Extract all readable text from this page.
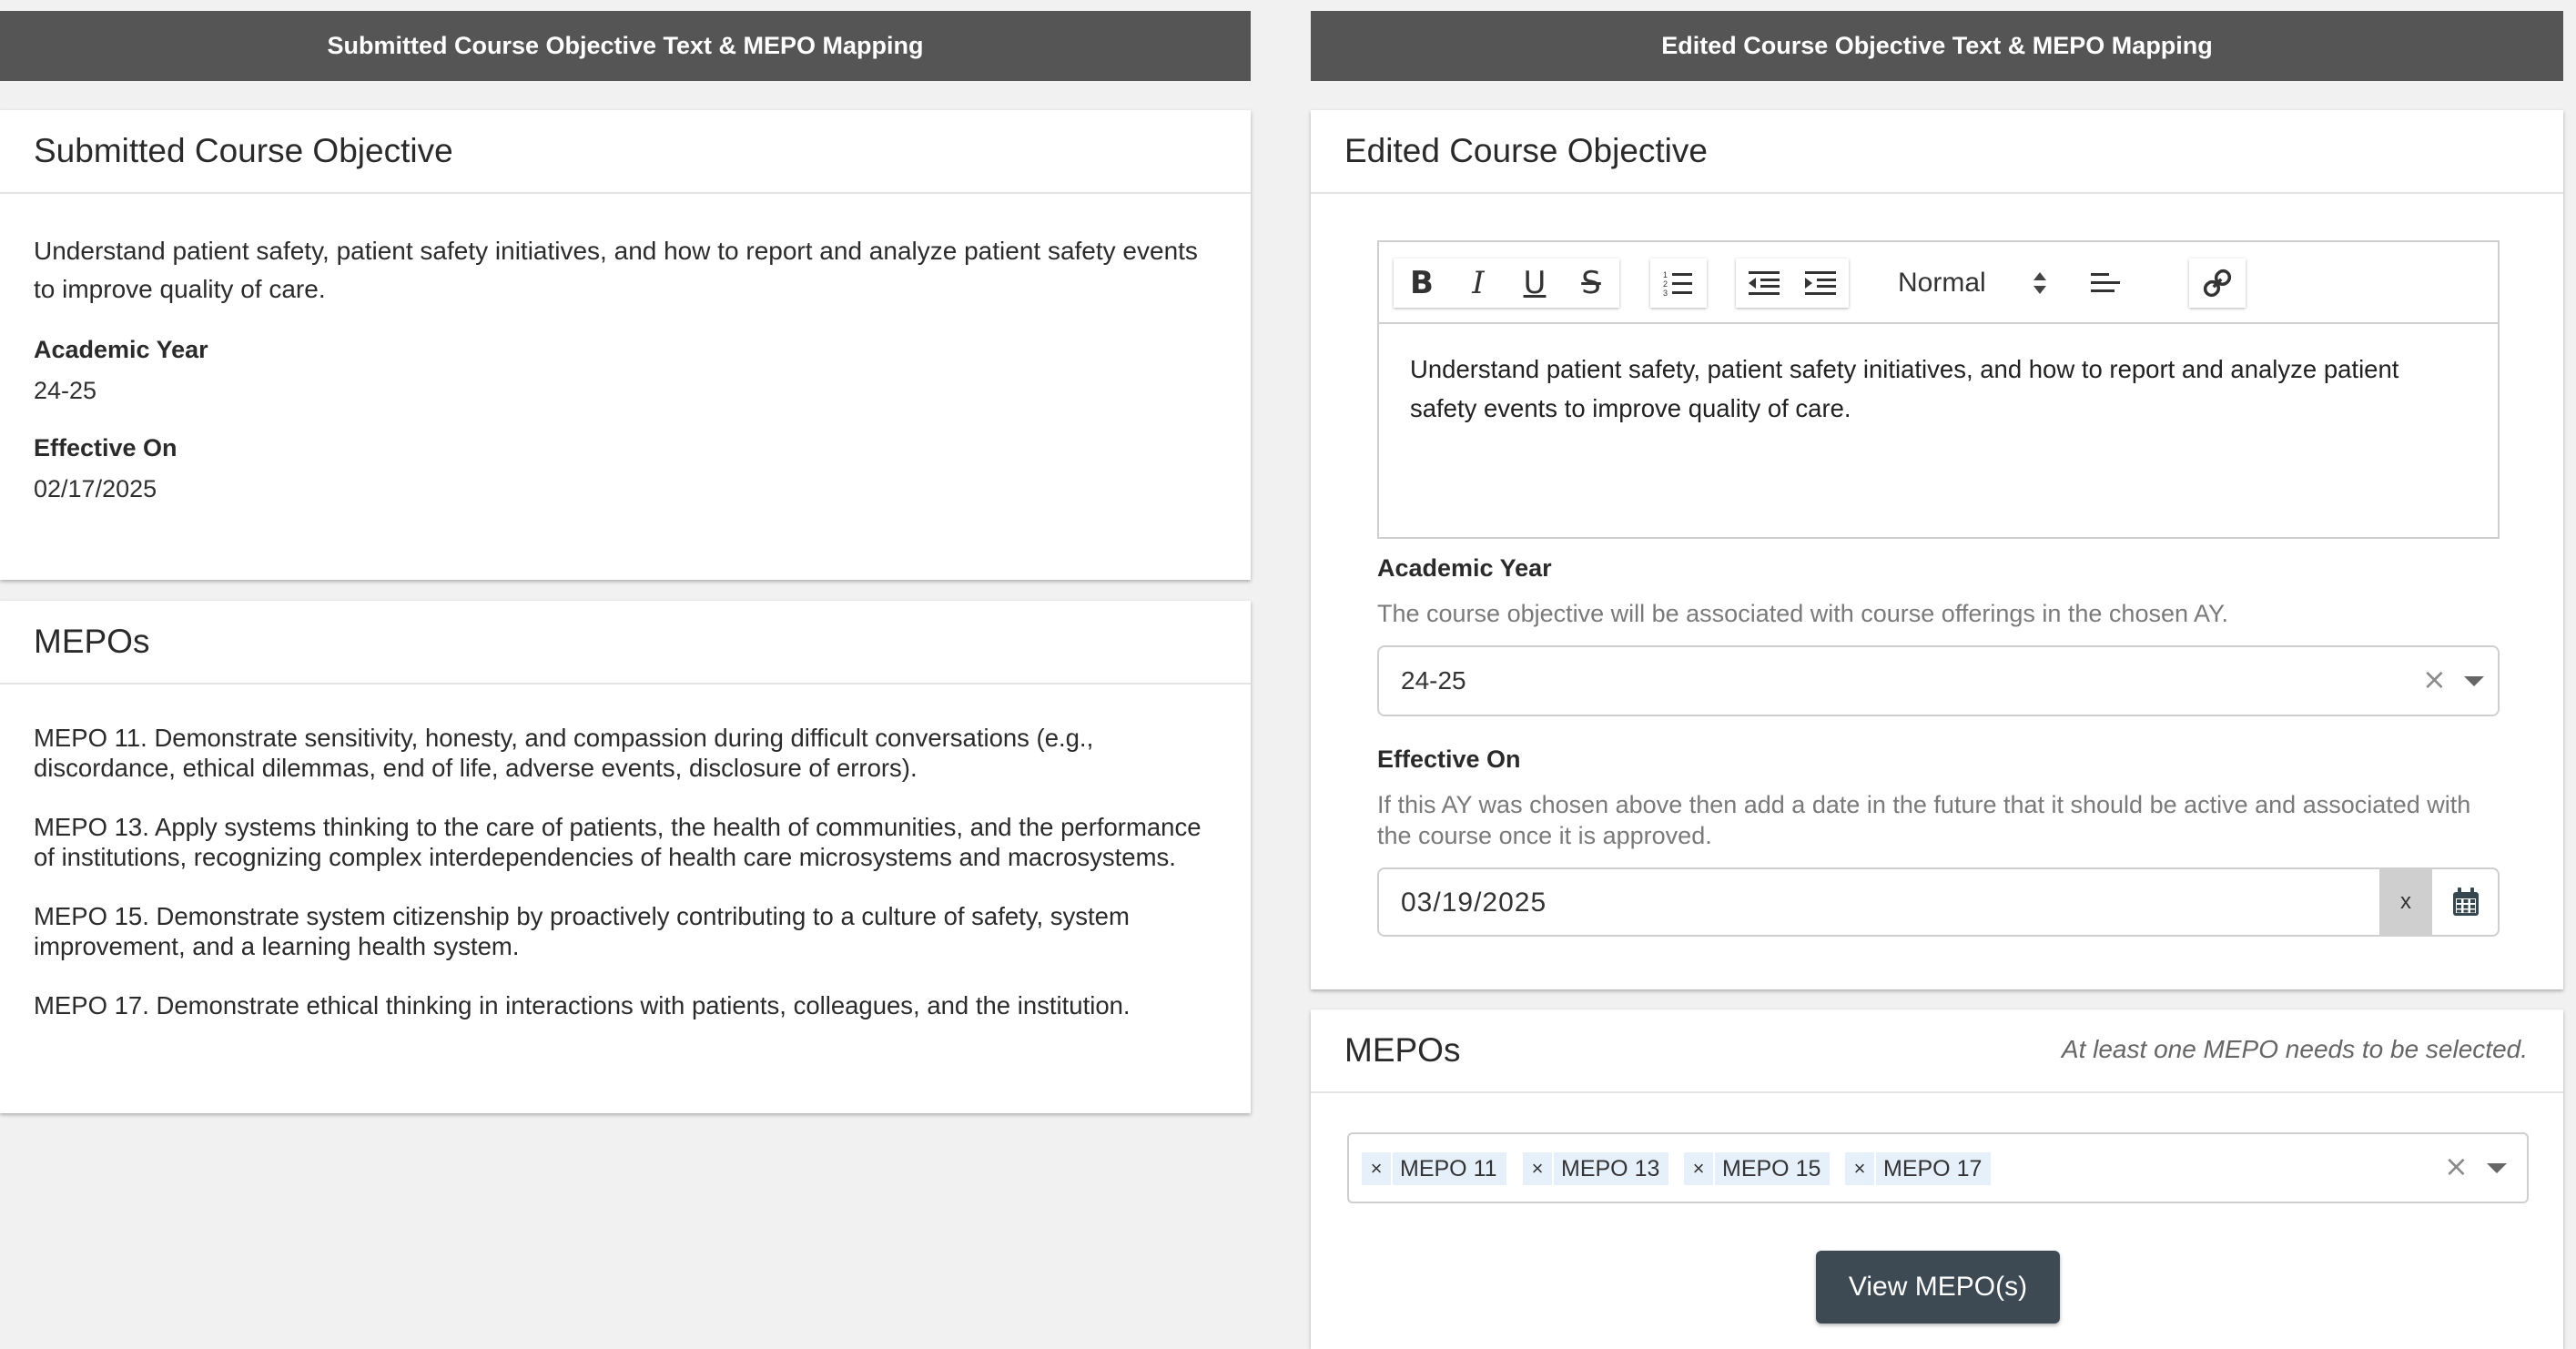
Submitted Course Objective Text & MEPO Mapping
Submitted Course Objective
Understand patient safety, patient safety initiatives, and how to report and analyze patient safety events to improve quality of care.
Academic Year
24-25
Effective On
02/17/2025
MEPOs
MEPO 11. Demonstrate sensitivity, honesty, and compassion during difficult conversations (e.g., discordance, ethical dilemmas, end of life, adverse events, disclosure of errors).
MEPO 13. Apply systems thinking to the care of patients, the health of communities, and the performance of institutions, recognizing complex interdependencies of health care microsystems and macrosystems.
MEPO 15. Demonstrate system citizenship by proactively contributing to a culture of safety, system improvement, and a learning health system.
MEPO 17. Demonstrate ethical thinking in interactions with patients, colleagues, and the institution.
Edited Course Objective Text & MEPO Mapping
Edited Course Objective
B I U S	1
2
3	Normal
Understand patient safety, patient safety initiatives, and how to report and analyze patient safety events to improve quality of care.
Academic Year
The course objective will be associated with course offerings in the chosen AY.
24-25	×
Effective On
If this AY was chosen above then add a date in the future that it should be active and associated with the course once it is approved.
03/19/2025	x
MEPOs	At least one MEPO needs to be selected.
× MEPO 11	× MEPO 13	× MEPO 15	× MEPO 17	×
View MEPO(s)
